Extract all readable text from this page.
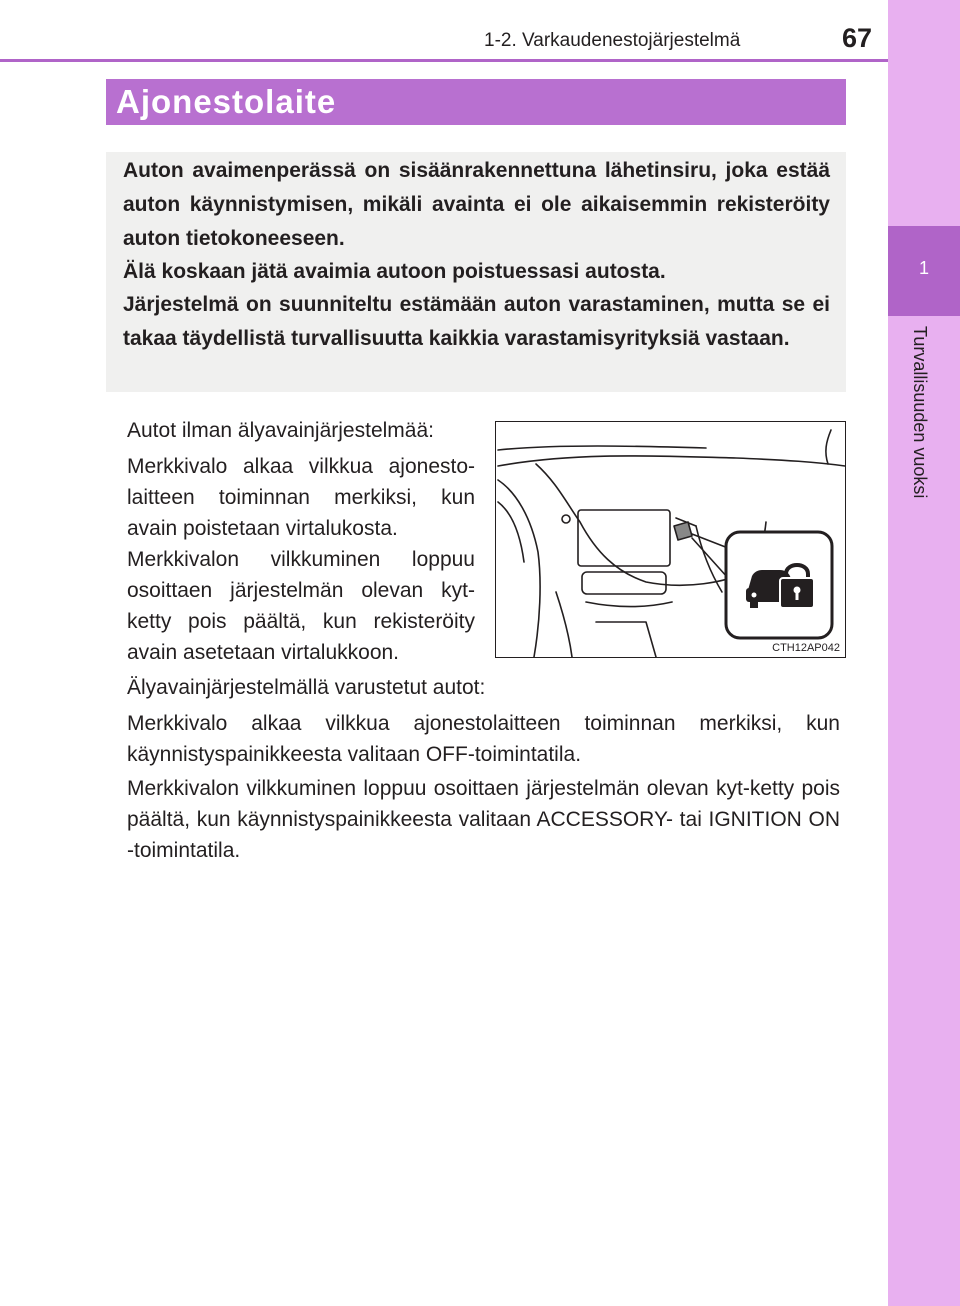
1-2. Varkaudenestojärjestelmä	67
1
Turvallisuuden vuoksi
Ajonestolaite

Auton avaimenperässä on sisäänrakennettuna lähetinsiru, joka estää auton käynnistymisen, mikäli avainta ei ole aikaisemmin rekisteröity auton tietokoneeseen.

Älä koskaan jätä avaimia autoon poistuessasi autosta.

Järjestelmä on suunniteltu estämään auton varastaminen, mutta se ei takaa täydellistä turvallisuutta kaikkia varastamisyrityksiä vastaan.

Autot ilman älyavainjärjestelmää:

Merkkivalo alkaa vilkkua ajonesto-laitteen toiminnan merkiksi, kun avain poistetaan virtalukosta.

Merkkivalon vilkkuminen loppuu osoittaen järjestelmän olevan kyt-ketty pois päältä, kun rekisteröity avain asetetaan virtalukkoon.	CTH12AP042

Älyavainjärjestelmällä varustetut autot:

Merkkivalo alkaa vilkkua ajonestolaitteen toiminnan merkiksi, kun käynnistyspainikkeesta valitaan OFF-toimintatila.

Merkkivalon vilkkuminen loppuu osoittaen järjestelmän olevan kyt-ketty pois päältä, kun käynnistyspainikkeesta valitaan ACCESSORY- tai IGNITION ON -toimintatila.

carmanualsonline.info
